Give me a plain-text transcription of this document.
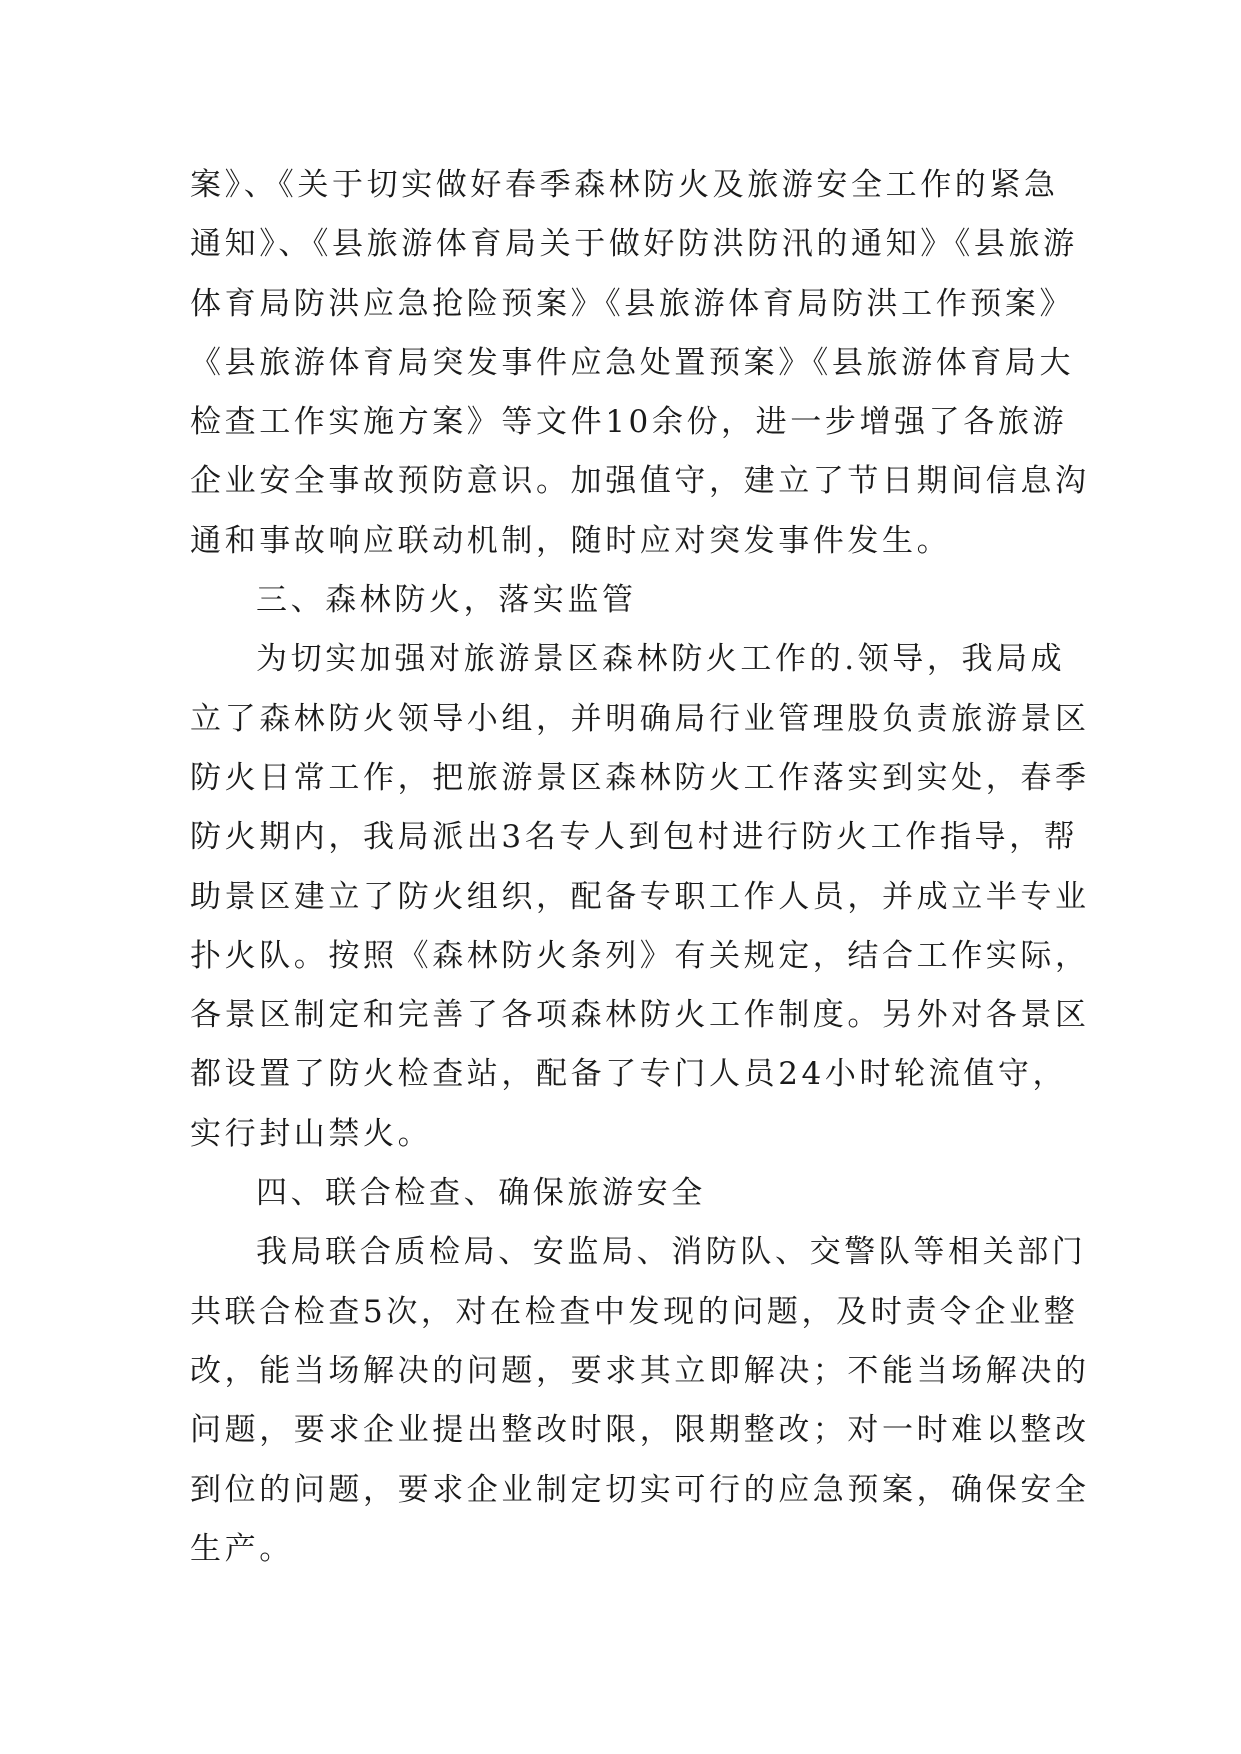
案》、《关于切实做好春季森林防火及旅游安全工作的紧急
通知》、《县旅游体育局关于做好防洪防汛的通知》《县旅游
体育局防洪应急抢险预案》《县旅游体育局防洪工作预案》
《县旅游体育局突发事件应急处置预案》《县旅游体育局大
检查工作实施方案》等文件10余份，进一步增强了各旅游
企业安全事故预防意识。加强值守，建立了节日期间信息沟
通和事故响应联动机制，随时应对突发事件发生。
三、森林防火，落实监管
为切实加强对旅游景区森林防火工作的.领导，我局成
立了森林防火领导小组，并明确局行业管理股负责旅游景区
防火日常工作，把旅游景区森林防火工作落实到实处，春季
防火期内，我局派出3名专人到包村进行防火工作指导，帮
助景区建立了防火组织，配备专职工作人员，并成立半专业
扑火队。按照《森林防火条列》有关规定，结合工作实际，
各景区制定和完善了各项森林防火工作制度。另外对各景区
都设置了防火检查站，配备了专门人员24小时轮流值守，
实行封山禁火。
四、联合检查、确保旅游安全
我局联合质检局、安监局、消防队、交警队等相关部门
共联合检查5次，对在检查中发现的问题，及时责令企业整
改，能当场解决的问题，要求其立即解决；不能当场解决的
问题，要求企业提出整改时限，限期整改；对一时难以整改
到位的问题，要求企业制定切实可行的应急预案，确保安全
生产。
